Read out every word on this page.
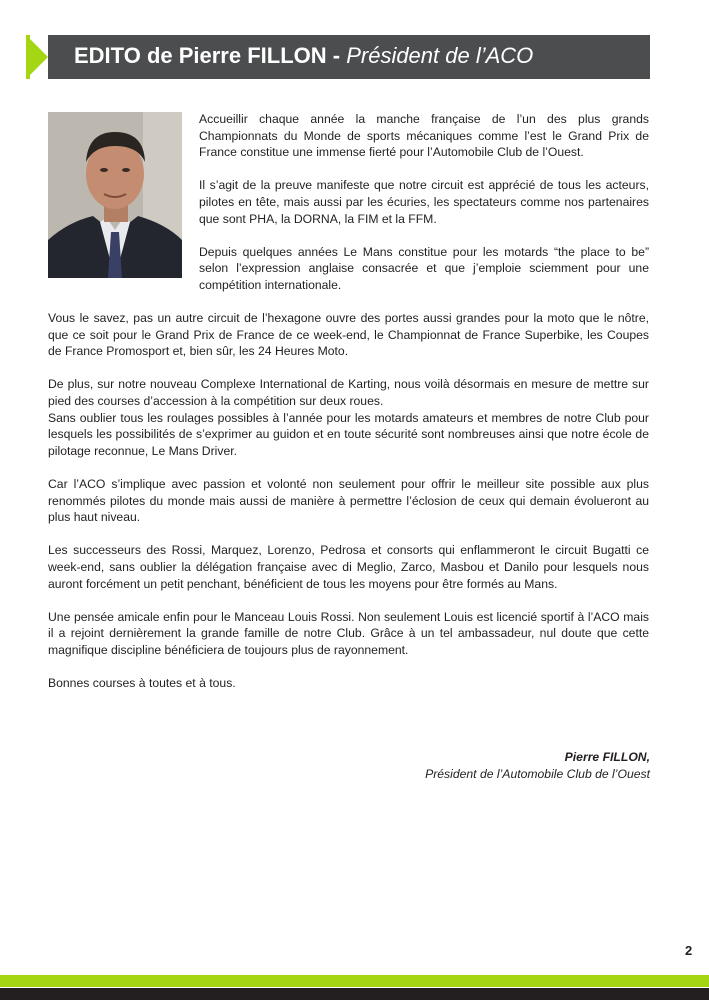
EDITO de Pierre FILLON - Président de l’ACO

Accueillir chaque année la manche française de l’un des plus grands Championnats du Monde de sports mécaniques comme l’est le Grand Prix de France constitue une immense fierté pour l’Automobile Club de l’Ouest.

Il s’agit de la preuve manifeste que notre circuit est apprécié de tous les acteurs, pilotes en tête, mais aussi par les écuries, les spectateurs comme nos partenaires que sont PHA, la DORNA, la FIM et la FFM.

Depuis quelques années Le Mans constitue pour les motards “the place to be” selon l’expression anglaise consacrée et que j’emploie sciemment pour une compétition internationale.

Vous le savez, pas un autre circuit de l’hexagone ouvre des portes aussi grandes pour la moto que le nôtre, que ce soit pour le Grand Prix de France de ce week-end, le Championnat de France Superbike, les Coupes de France Promosport et, bien sûr, les 24 Heures Moto.

De plus, sur notre nouveau Complexe International de Karting, nous voilà désormais en mesure de mettre sur pied des courses d’accession à la compétition sur deux roues.

Sans oublier tous les roulages possibles à l’année pour les motards amateurs et membres de notre Club pour lesquels les possibilités de s’exprimer au guidon et en toute sécurité sont nombreuses ainsi que notre école de pilotage reconnue, Le Mans Driver.

Car l’ACO s’implique avec passion et volonté non seulement pour offrir le meilleur site possible aux plus renommés pilotes du monde mais aussi de manière à permettre l’éclosion de ceux qui demain évolueront au plus haut niveau.

Les successeurs des Rossi, Marquez, Lorenzo, Pedrosa et consorts qui enflammeront le circuit Bugatti ce week-end, sans oublier la délégation française avec di Meglio, Zarco, Masbou et Danilo pour lesquels nous auront forcément un petit penchant, bénéficient de tous les moyens pour être formés au Mans.

Une pensée amicale enfin pour le Manceau Louis Rossi. Non seulement Louis est licencié sportif à l’ACO mais il a rejoint dernièrement la grande famille de notre Club. Grâce à un tel ambassadeur, nul doute que cette magnifique discipline bénéficiera de toujours plus de rayonnement.

Bonnes courses à toutes et à tous.

Pierre FILLON,
Président de l’Automobile Club de l’Ouest
2
